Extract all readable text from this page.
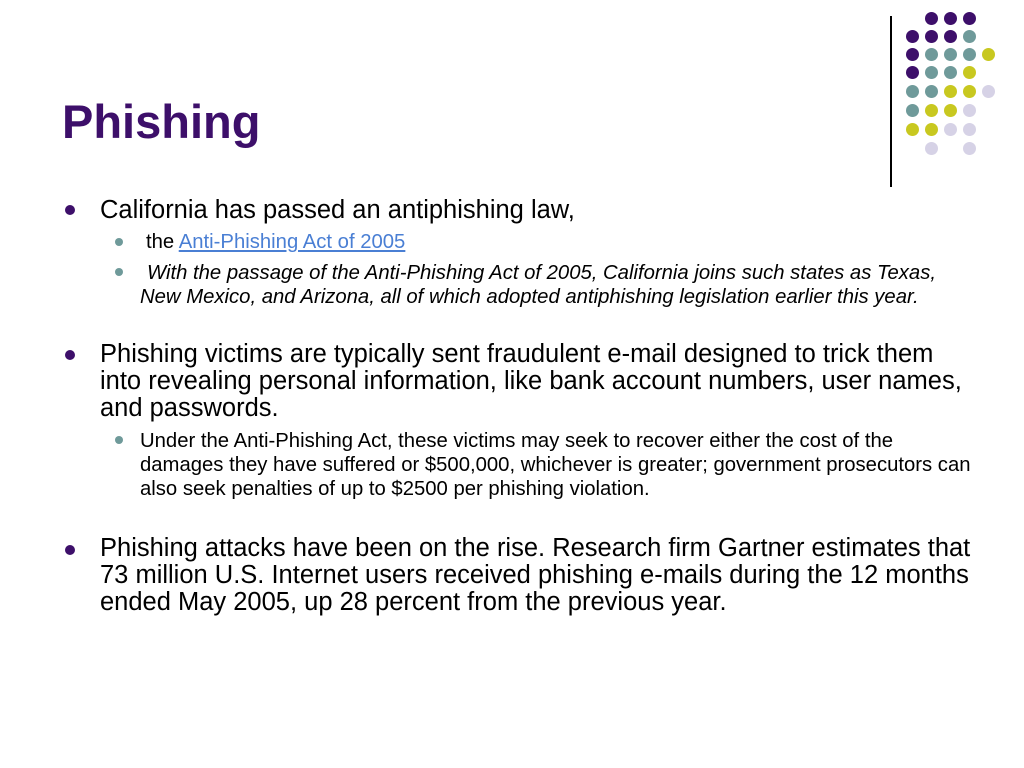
Phishing
California has passed an antiphishing law,
the Anti-Phishing Act of 2005
With the passage of the Anti-Phishing Act of 2005, California joins such states as Texas, New Mexico, and Arizona, all of which adopted antiphishing legislation earlier this year.
Phishing victims are typically sent fraudulent e-mail designed to trick them into revealing personal information, like bank account numbers, user names, and passwords.
Under the Anti-Phishing Act, these victims may seek to recover either the cost of the damages they have suffered or $500,000, whichever is greater; government prosecutors can also seek penalties of up to $2500 per phishing violation.
Phishing attacks have been on the rise. Research firm Gartner estimates that 73 million U.S. Internet users received phishing e-mails during the 12 months ended May 2005, up 28 percent from the previous year.
